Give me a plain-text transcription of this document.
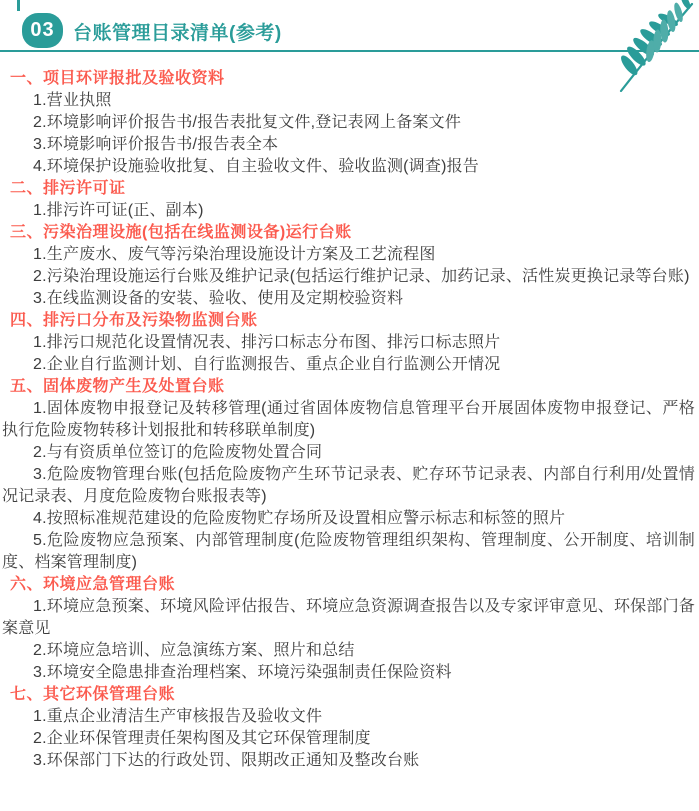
03 台账管理目录清单(参考)
一、项目环评报批及验收资料

1.营业执照

2.环境影响评价报告书/报告表批复文件,登记表网上备案文件

3.环境影响评价报告书/报告表全本

4.环境保护设施验收批复、自主验收文件、验收监测(调查)报告

二、排污许可证

1.排污许可证(正、副本)

三、污染治理设施(包括在线监测设备)运行台账

1.生产废水、废气等污染治理设施设计方案及工艺流程图

2.污染治理设施运行台账及维护记录(包括运行维护记录、加药记录、活性炭更换记录等台账)

3.在线监测设备的安装、验收、使用及定期校验资料

四、排污口分布及污染物监测台账

1.排污口规范化设置情况表、排污口标志分布图、排污口标志照片

2.企业自行监测计划、自行监测报告、重点企业自行监测公开情况

五、固体废物产生及处置台账

1.固体废物申报登记及转移管理(通过省固体废物信息管理平台开展固体废物申报登记、严格执行危险废物转移计划报批和转移联单制度)

2.与有资质单位签订的危险废物处置合同

3.危险废物管理台账(包括危险废物产生环节记录表、贮存环节记录表、内部自行利用/处置情况记录表、月度危险废物台账报表等)

4.按照标准规范建设的危险废物贮存场所及设置相应警示标志和标签的照片

5.危险废物应急预案、内部管理制度(危险废物管理组织架构、管理制度、公开制度、培训制度、档案管理制度)

六、环境应急管理台账

1.环境应急预案、环境风险评估报告、环境应急资源调查报告以及专家评审意见、环保部门备案意见

2.环境应急培训、应急演练方案、照片和总结

3.环境安全隐患排查治理档案、环境污染强制责任保险资料

七、其它环保管理台账

1.重点企业清洁生产审核报告及验收文件

2.企业环保管理责任架构图及其它环保管理制度

3.环保部门下达的行政处罚、限期改正通知及整改台账
